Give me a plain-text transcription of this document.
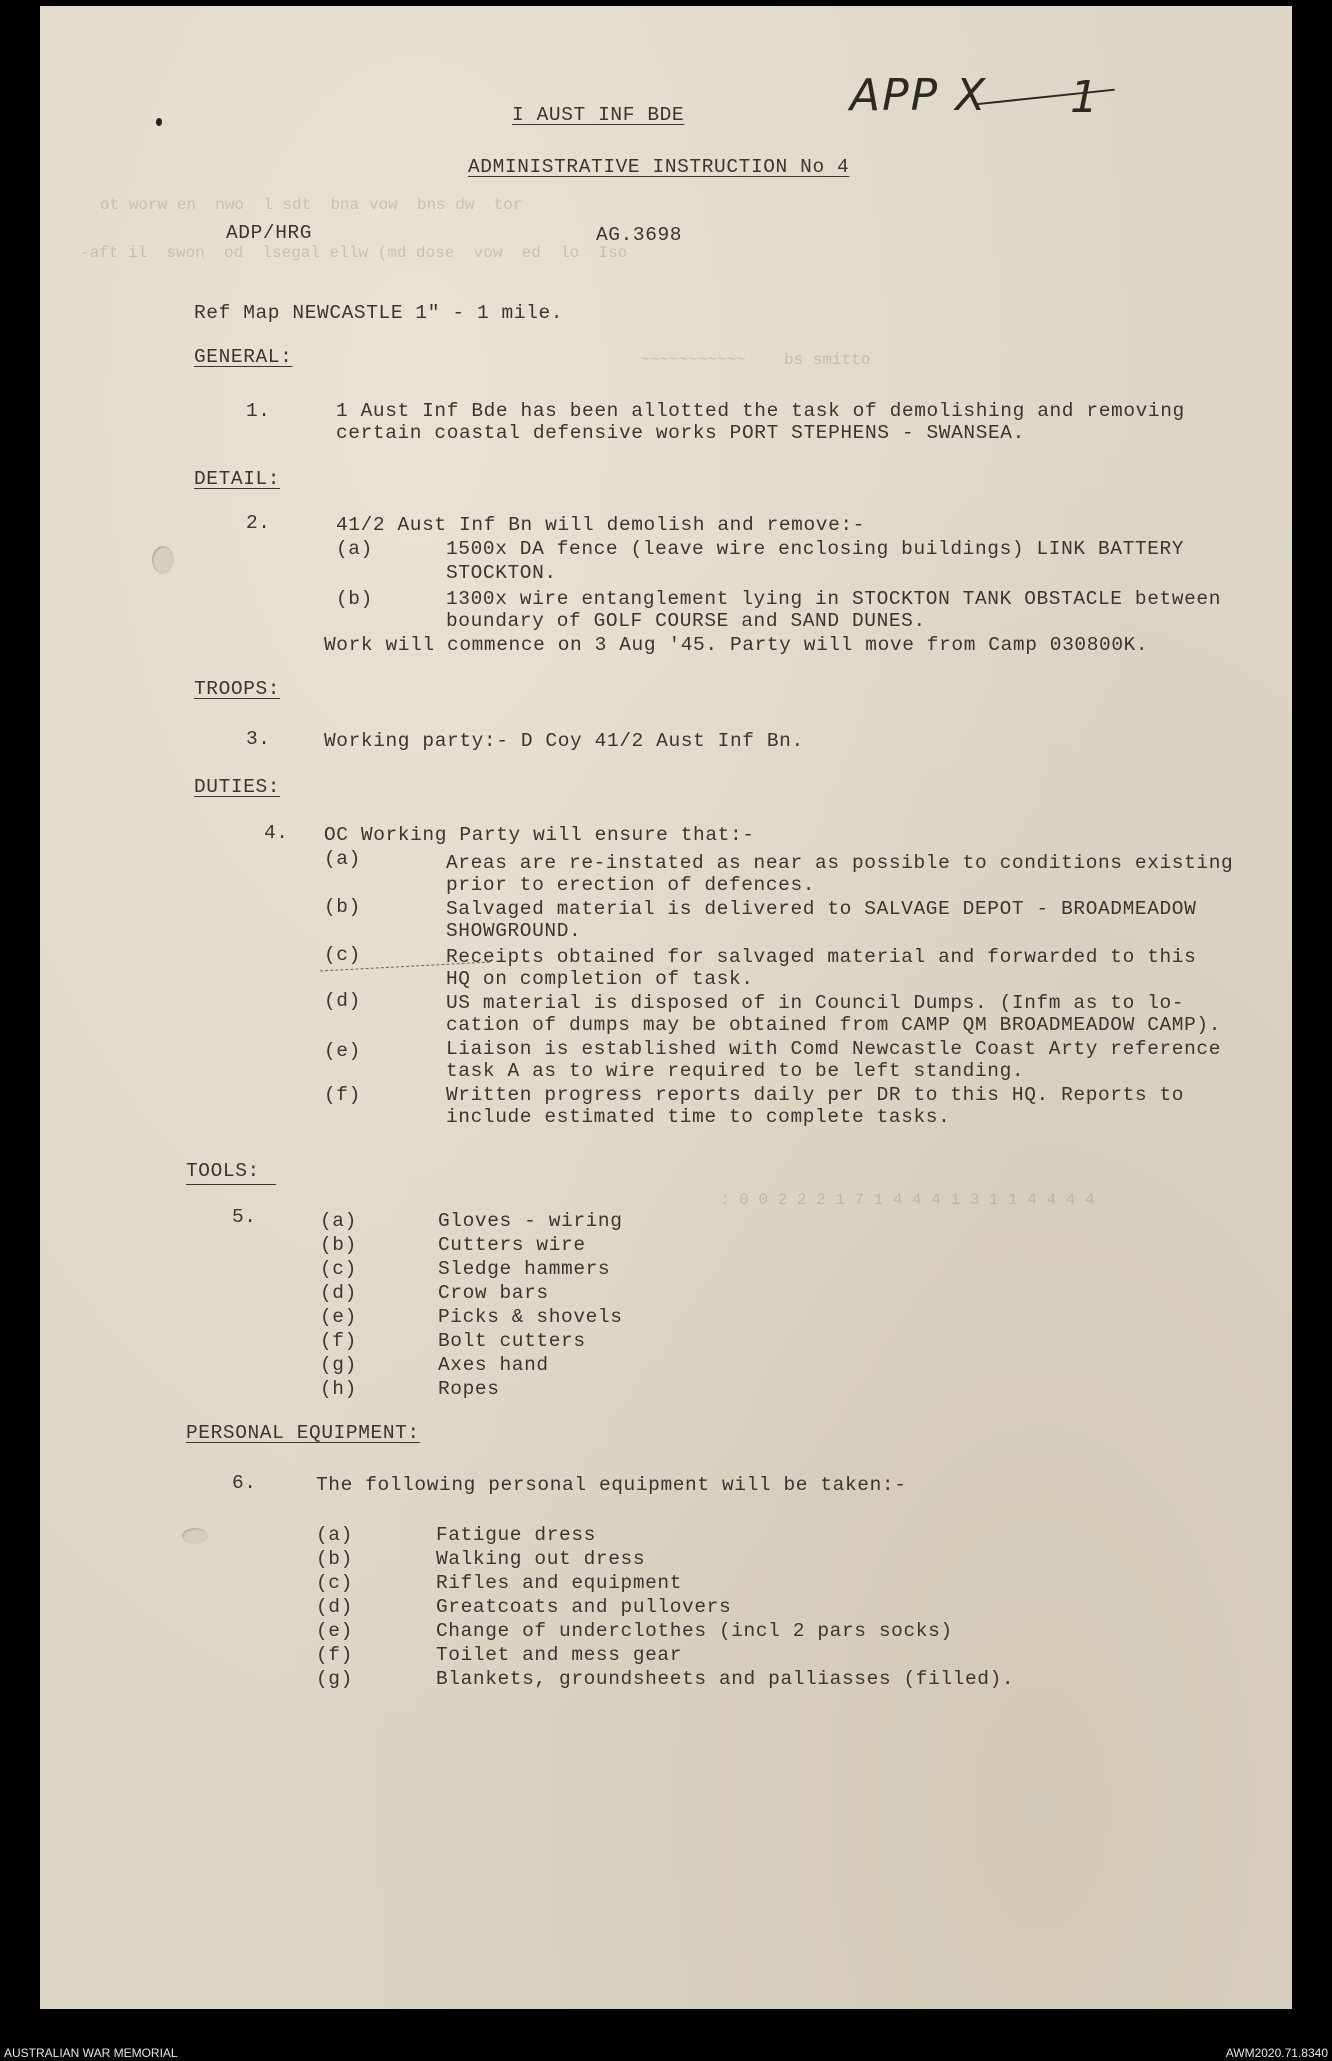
ot worw en  nwo  l sdt  bna vow  bns dw  tor
-aft il  swon  od  lsegal ellw (md dose  vow  ed  lo  Iso
~~~~~~~~~~~    bs smitto
: 0 0 2 2 2 1 7 1 4 4 4 1 3 1 1 4 4 4 4
APP X 1
I AUST INF BDE
ADMINISTRATIVE INSTRUCTION No 4
ADP/HRG	AG.3698
Ref Map NEWCASTLE 1" - 1 mile.
GENERAL:
1.	1 Aust Inf Bde has been allotted the task of demolishing and removing
certain coastal defensive works PORT STEPHENS - SWANSEA.
DETAIL:
2.	41/2 Aust Inf Bn will demolish and remove:-
(a)	1500x DA fence (leave wire enclosing buildings) LINK BATTERY
STOCKTON.
(b)	1300x wire entanglement lying in STOCKTON TANK OBSTACLE between
boundary of GOLF COURSE and SAND DUNES.
Work will commence on 3 Aug '45. Party will move from Camp 030800K.
TROOPS:
3.	Working party:- D Coy 41/2 Aust Inf Bn.
DUTIES:
4. OC Working Party will ensure that:-
(a)	Areas are re-instated as near as possible to conditions existing
prior to erection of defences.
(b)	Salvaged material is delivered to SALVAGE DEPOT - BROADMEADOW
SHOWGROUND.
(c)	Receipts obtained for salvaged material and forwarded to this
HQ on completion of task.
(d)	US material is disposed of in Council Dumps. (Infm as to lo-
cation of dumps may be obtained from CAMP QM BROADMEADOW CAMP).
(e)	Liaison is established with Comd Newcastle Coast Arty reference
task A as to wire required to be left standing.
(f)	Written progress reports daily per DR to this HQ. Reports to
include estimated time to complete tasks.
TOOLS:
5.	(a)	Gloves - wiring
(b)	Cutters wire
(c)	Sledge hammers
(d)	Crow bars
(e)	Picks & shovels
(f)	Bolt cutters
(g)	Axes hand
(h)	Ropes
PERSONAL EQUIPMENT:
6.	The following personal equipment will be taken:-
(a)	Fatigue dress
(b)	Walking out dress
(c)	Rifles and equipment
(d)	Greatcoats and pullovers
(e)	Change of underclothes (incl 2 pars socks)
(f)	Toilet and mess gear
(g)	Blankets, groundsheets and palliasses (filled).
AUSTRALIAN WAR MEMORIAL	AWM2020.71.8340
